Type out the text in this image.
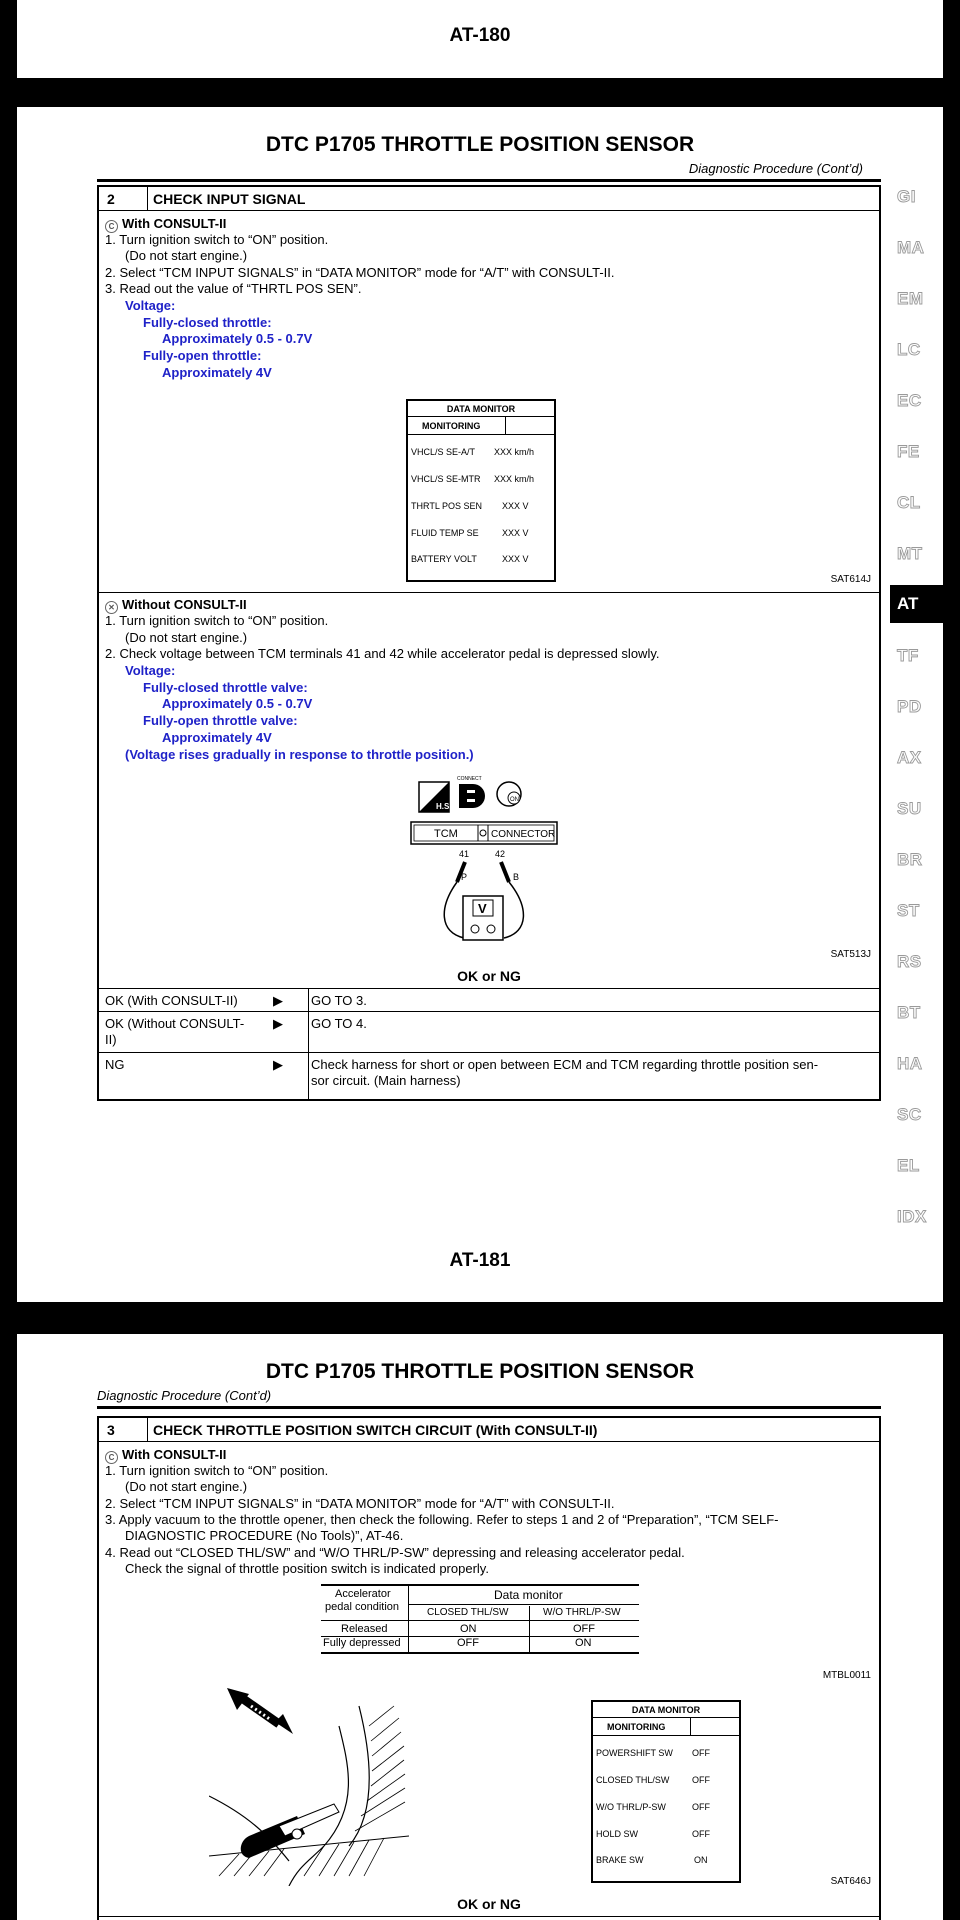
AT-180
DTC P1705 THROTTLE POSITION SENSOR
Diagnostic Procedure (Cont’d)
2	CHECK INPUT SIGNAL
C With CONSULT-II
1. Turn ignition switch to “ON” position.
(Do not start engine.)
2. Select “TCM INPUT SIGNALS” in “DATA MONITOR” mode for “A/T” with CONSULT-II.
3. Read out the value of “THRTL POS SEN”.
Voltage:
Fully-closed throttle:
Approximately 0.5 - 0.7V
Fully-open throttle:
Approximately 4V
DATA MONITOR
MONITORING
VHCL/S SE-A/T XXX km/h
VHCL/S SE-MTR XXX km/h
THRTL POS SEN XXX V
FLUID TEMP SE	XXX V
BATTERY VOLT	XXX V
SAT614J
✕ Without CONSULT-II
1. Turn ignition switch to “ON” position.
(Do not start engine.)
2. Check voltage between TCM terminals 41 and 42 while accelerator pedal is depressed slowly.
Voltage:
Fully-closed throttle valve:
Approximately 0.5 - 0.7V
Fully-open throttle valve:
Approximately 4V
(Voltage rises gradually in response to throttle position.)
H.S.
CONNECT
ON
TCM	CONNECTOR
41	42
P	B
V
SAT513J
OK or NG
OK (With CONSULT-II)	▶ GO TO 3.
OK (Without CONSULT-
II)
▶ GO TO 4.
NG	▶ Check harness for short or open between ECM and TCM regarding throttle position sen-
sor circuit. (Main harness)
GI
MA
EM
LC
EC
FE
CL
MT
AT
TF
PD
AX
SU
BR
ST
RS
BT
HA
SC
EL
IDX
AT-181
DTC P1705 THROTTLE POSITION SENSOR
Diagnostic Procedure (Cont’d)
3	CHECK THROTTLE POSITION SWITCH CIRCUIT (With CONSULT-II)
C With CONSULT-II
1. Turn ignition switch to “ON” position.
(Do not start engine.)
2. Select “TCM INPUT SIGNALS” in “DATA MONITOR” mode for “A/T” with CONSULT-II.
3. Apply vacuum to the throttle opener, then check the following. Refer to steps 1 and 2 of “Preparation”, “TCM SELF-
DIAGNOSTIC PROCEDURE (No Tools)”, AT-46.
4. Read out “CLOSED THL/SW” and “W/O THRL/P-SW” depressing and releasing accelerator pedal.
Check the signal of throttle position switch is indicated properly.
Accelerator
pedal condition
Data monitor
CLOSED THL/SW	W/O THRL/P-SW
Released	ON	OFF
Fully depressed	OFF	ON
MTBL0011
DATA MONITOR
MONITORING
POWERSHIFT SW OFF
CLOSED THL/SW	OFF
W/O THRL/P-SW	OFF
HOLD SW	OFF
BRAKE SW	ON
SAT646J
OK or NG
